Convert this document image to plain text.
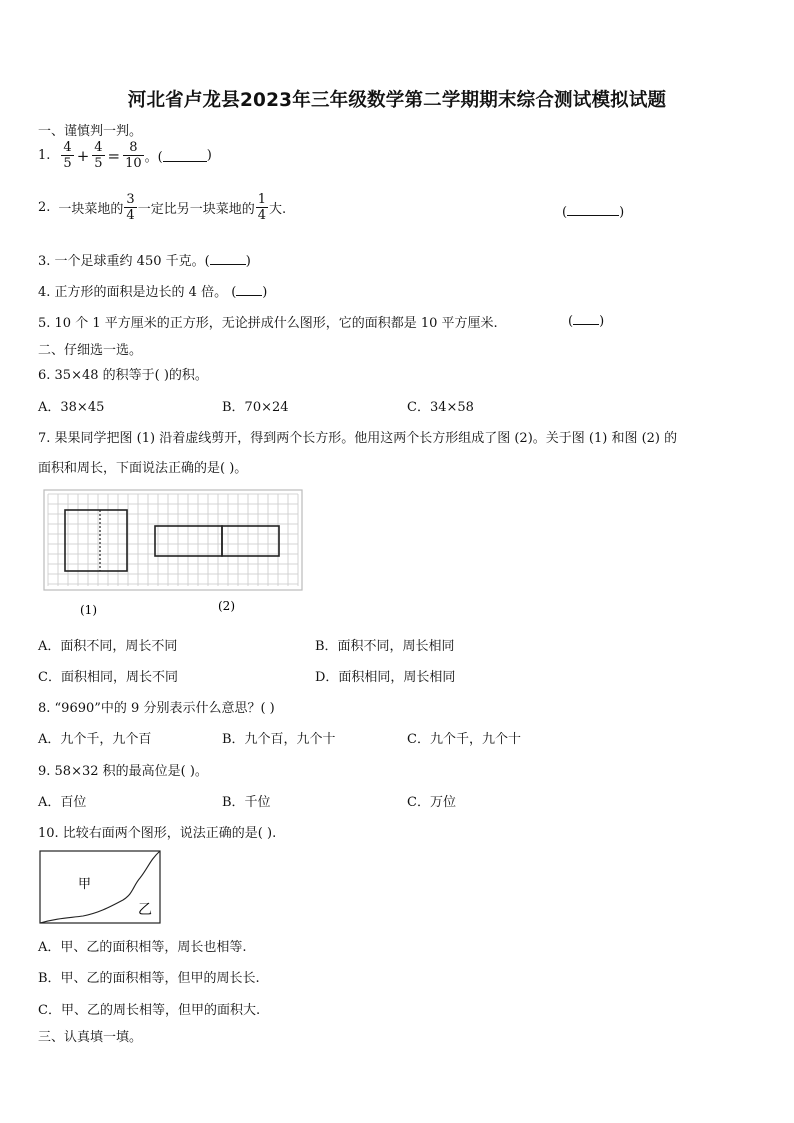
河北省卢龙县2023年三年级数学第二学期期末综合测试模拟试题
一、谨慎判一判。
1. $\frac{4}{5} + \frac{4}{5} = \frac{8}{10}$ 。(	)
2. 一块菜地的 $\frac{3}{4}$ 一定比另一块菜地的 $\frac{1}{4}$ 大.	(	)
3. 一个足球重约 450 千克。(	)
4. 正方形的面积是边长的 4 倍。 ( )
5. 10 个 1 平方厘米的正方形，无论拼成什么图形，它的面积都是 10 平方厘米.	( )
二、仔细选一选。
6. 35×48 的积等于( )的积。
A．38×45	B．70×24	C．34×58
7. 果果同学把图 (1) 沿着虚线剪开，得到两个长方形。他用这两个长方形组成了图 (2)。关于图 (1) 和图 (2) 的
面积和周长，下面说法正确的是( )。
(1)	(2)
A．面积不同，周长不同	B．面积不同，周长相同
C．面积相同，周长不同	D．面积相同，周长相同
8. “9690”中的 9 分别表示什么意思？( )
A．九个千，九个百	B．九个百，九个十	C．九个千，九个十
9. 58×32 积的最高位是( )。
A．百位	B．千位	C．万位
10. 比较右面两个图形，说法正确的是( ).
甲
乙
A．甲、乙的面积相等，周长也相等.
B．甲、乙的面积相等，但甲的周长长.
C．甲、乙的周长相等，但甲的面积大.
三、认真填一填。
